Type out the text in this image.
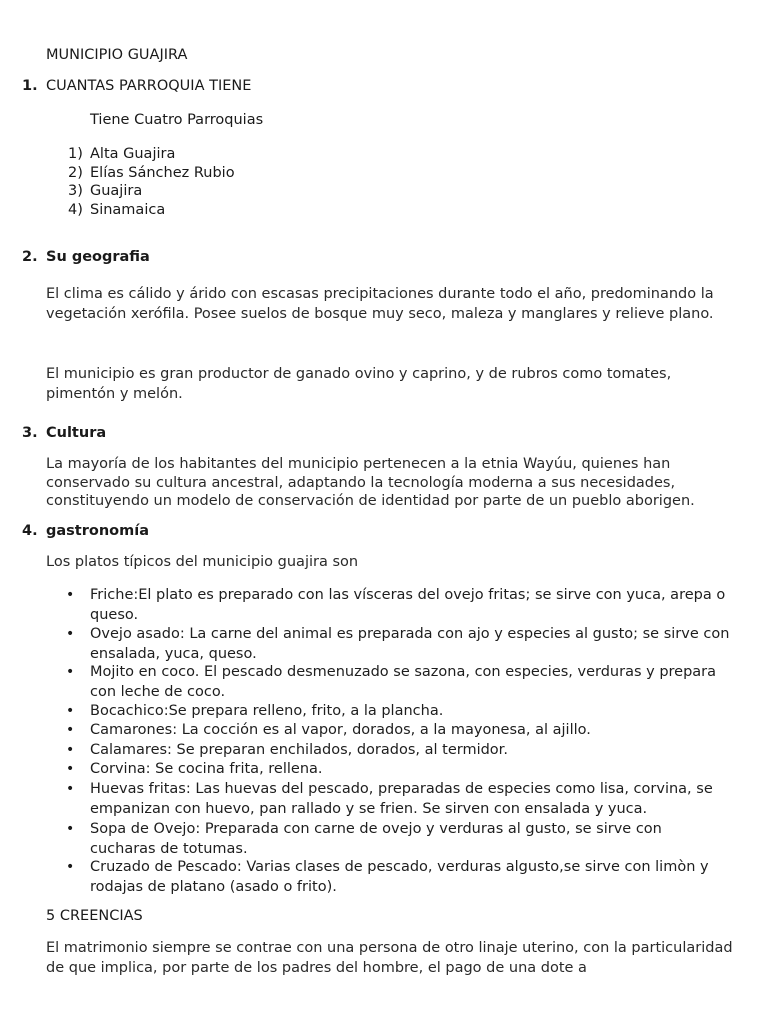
MUNICIPIO GUAJIRA
1. CUANTAS PARROQUIA TIENE
Tiene Cuatro Parroquias
1) Alta Guajira
2) Elías Sánchez Rubio
3) Guajira
4) Sinamaica
2. Su geografia
El clima es cálido y árido con escasas precipitaciones durante todo el año, predominando la vegetación xerófila. Posee suelos de bosque muy seco, maleza y manglares y relieve plano.
El municipio es gran productor de ganado ovino y caprino, y de rubros como tomates, pimentón y melón.
3. Cultura
La mayoría de los habitantes del municipio pertenecen a la etnia Wayúu, quienes han conservado su cultura ancestral, adaptando la tecnología moderna a sus necesidades, constituyendo un modelo de conservación de identidad por parte de un pueblo aborigen.
4. gastronomía
Los platos típicos del municipio guajira son
• Friche:El plato es preparado con las vísceras del ovejo fritas; se sirve con yuca, arepa o queso.
• Ovejo asado: La carne del animal es preparada con ajo y especies al gusto; se sirve con ensalada, yuca, queso.
• Mojito en coco. El pescado desmenuzado se sazona, con especies, verduras y prepara con leche de coco.
• Bocachico:Se prepara relleno, frito, a la plancha.
• Camarones: La cocción es al vapor, dorados, a la mayonesa, al ajillo.
• Calamares: Se preparan enchilados, dorados, al termidor.
• Corvina: Se cocina frita, rellena.
• Huevas fritas: Las huevas del pescado, preparadas de especies como lisa, corvina, se empanizan con huevo, pan rallado y se frien. Se sirven con ensalada y yuca.
• Sopa de Ovejo: Preparada con carne de ovejo y verduras al gusto, se sirve con cucharas de totumas.
• Cruzado de Pescado: Varias clases de pescado, verduras algusto,se sirve con limòn y rodajas de platano (asado o frito).
5 CREENCIAS
El matrimonio siempre se contrae con una persona de otro linaje uterino, con la particularidad de que implica, por parte de los padres del hombre, el pago de una dote a
